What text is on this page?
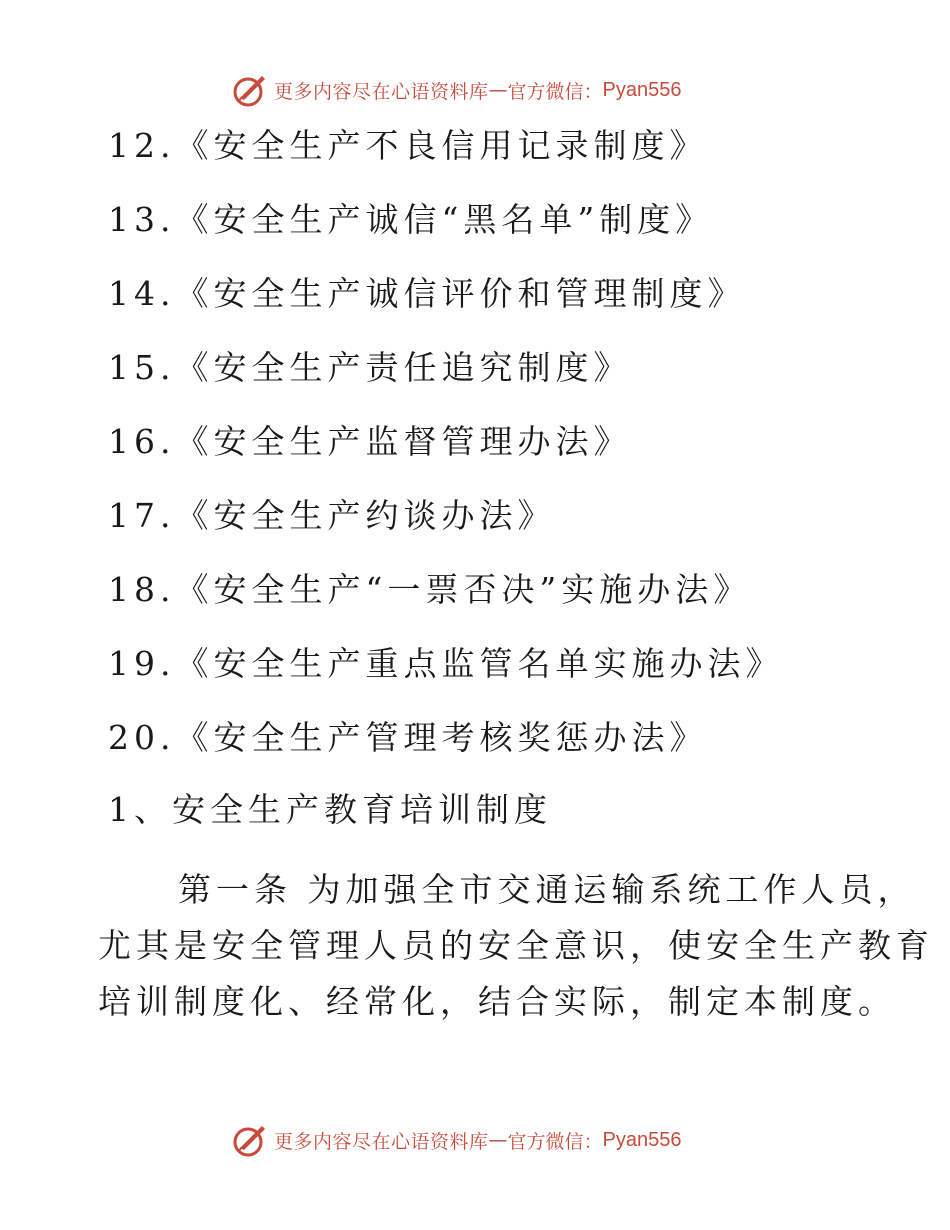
更多内容尽在心语资料库 — 官方微信： Pyan556
12.《安全生产不良信用记录制度》
13.《安全生产诚信“黑名单”制度》
14.《安全生产诚信评价和管理制度》
15.《安全生产责任追究制度》
16.《安全生产监督管理办法》
17.《安全生产约谈办法》
18.《安全生产“一票否决”实施办法》
19.《安全生产重点监管名单实施办法》
20.《安全生产管理考核奖惩办法》
1、安全生产教育培训制度

第一条 为加强全市交通运输系统工作人员，
尤其是安全管理人员的安全意识，使安全生产教育
培训制度化、经常化，结合实际，制定本制度。

更多内容尽在心语资料库 — 官方微信： Pyan556
